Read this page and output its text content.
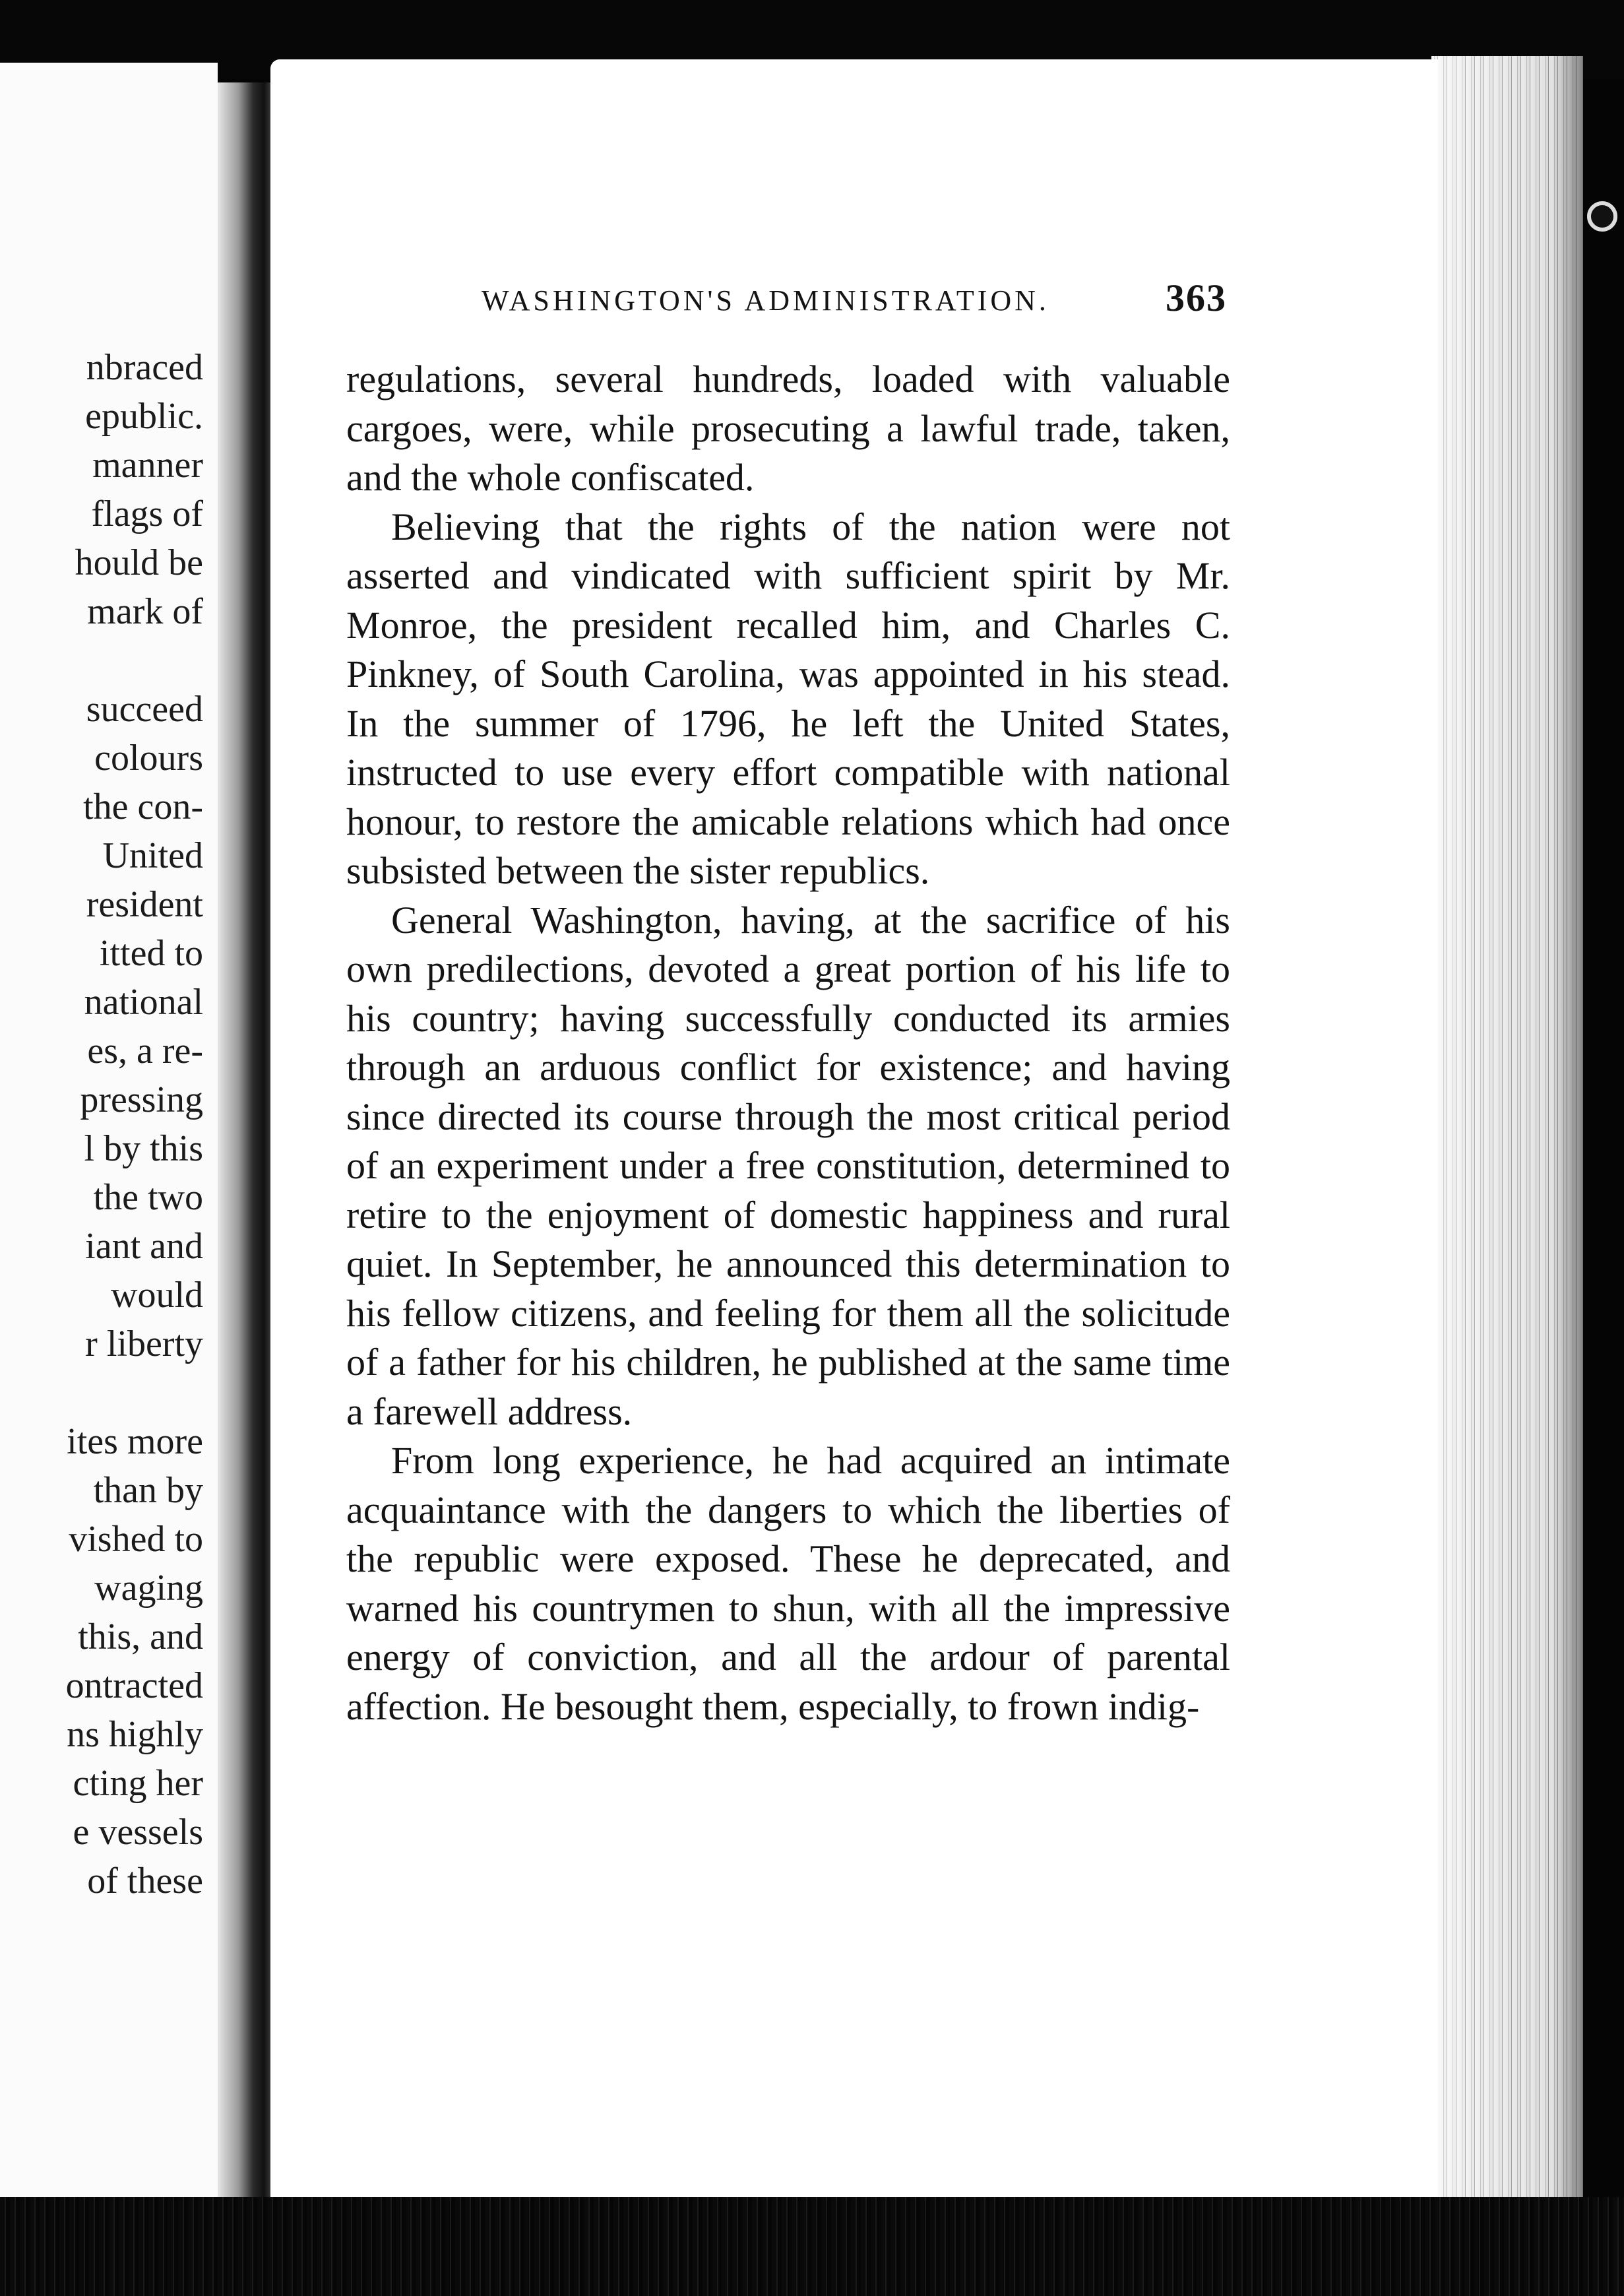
nbraced
epublic.
manner
flags of
hould be
mark of
succeed
colours
the con-
United
resident
itted to
national
es, a re-
pressing
l by this
the two
iant and
would
r liberty
ites more
than by
vished to
waging
this, and
ontracted
ns highly
cting her
e vessels
of these
WASHINGTON'S ADMINISTRATION.	363

regulations, several hundreds, loaded with valuable cargoes, were, while prosecuting a lawful trade, taken, and the whole confiscated.

Believing that the rights of the nation were not asserted and vindicated with sufficient spirit by Mr. Monroe, the president recalled him, and Charles C. Pinkney, of South Carolina, was appointed in his stead. In the summer of 1796, he left the United States, instructed to use every effort compatible with national honour, to restore the amicable relations which had once subsisted between the sister republics.

General Washington, having, at the sacrifice of his own predilections, devoted a great portion of his life to his country; having successfully conducted its armies through an arduous conflict for existence; and having since directed its course through the most critical period of an experiment under a free constitution, determined to retire to the enjoyment of domestic happiness and rural quiet. In September, he announced this determination to his fellow citizens, and feeling for them all the solicitude of a father for his children, he published at the same time a farewell address.

From long experience, he had acquired an intimate acquaintance with the dangers to which the liberties of the republic were exposed. These he deprecated, and warned his countrymen to shun, with all the impressive energy of conviction, and all the ardour of parental affection. He besought them, especially, to frown indig-
